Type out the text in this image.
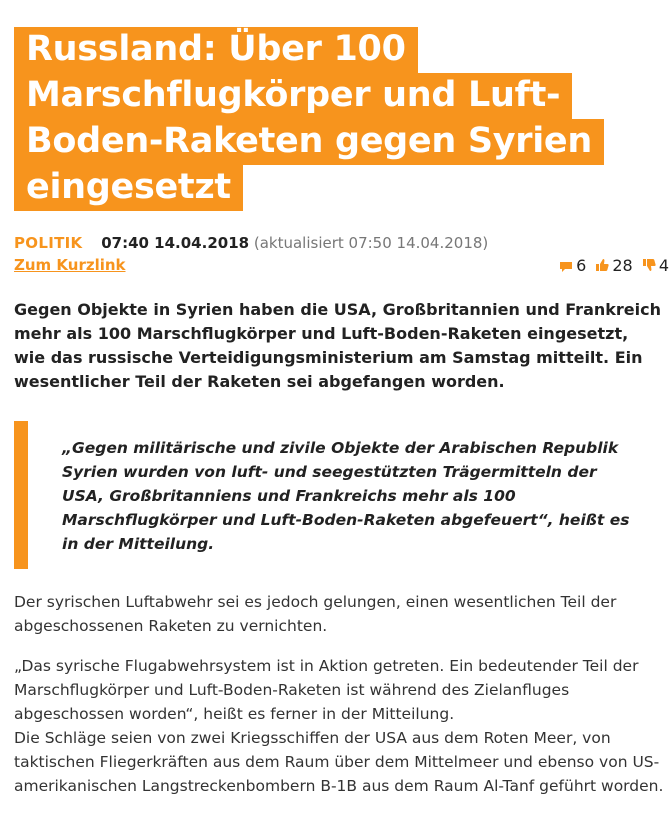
Russland: Über 100 Marschflugkörper und Luft-Boden-Raketen gegen Syrien eingesetzt
POLITIK 07:40 14.04.2018 (aktualisiert 07:50 14.04.2018)
Zum Kurzlink	6 28 4

Gegen Objekte in Syrien haben die USA, Großbritannien und Frankreich mehr als 100 Marschflugkörper und Luft-Boden-Raketen eingesetzt, wie das russische Verteidigungsministerium am Samstag mitteilt. Ein wesentlicher Teil der Raketen sei abgefangen worden.

„Gegen militärische und zivile Objekte der Arabischen Republik Syrien wurden von luft- und seegestützten Trägermitteln der USA, Großbritanniens und Frankreichs mehr als 100 Marschflugkörper und Luft-Boden-Raketen abgefeuert“, heißt es in der Mitteilung.

Der syrischen Luftabwehr sei es jedoch gelungen, einen wesentlichen Teil der abgeschossenen Raketen zu vernichten.

„Das syrische Flugabwehrsystem ist in Aktion getreten. Ein bedeutender Teil der Marschflugkörper und Luft-Boden-Raketen ist während des Zielanfluges abgeschossen worden“, heißt es ferner in der Mitteilung.
Die Schläge seien von zwei Kriegsschiffen der USA aus dem Roten Meer, von taktischen Fliegerkräften aus dem Raum über dem Mittelmeer und ebenso von US-amerikanischen Langstreckenbombern B-1B aus dem Raum Al-Tanf geführt worden.
